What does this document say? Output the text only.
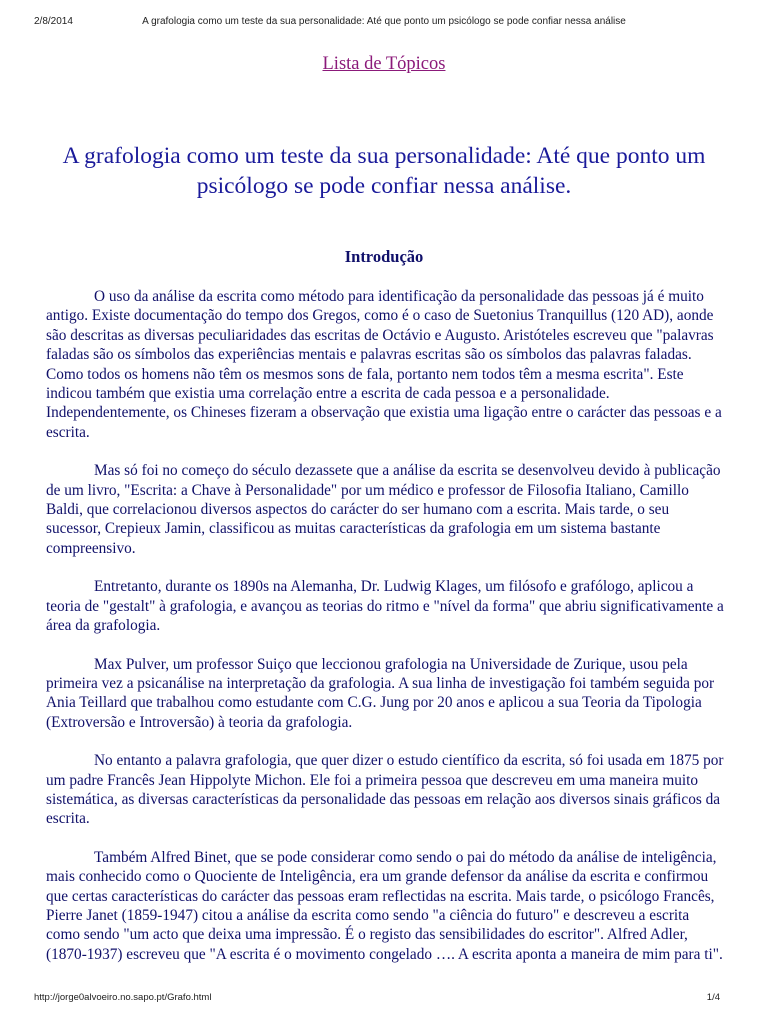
2/8/2014	A grafologia como um teste da sua personalidade: Até que ponto um psicólogo se pode confiar nessa análise
Lista de Tópicos
A grafologia como um teste da sua personalidade: Até que ponto um psicólogo se pode confiar nessa análise.
Introdução

O uso da análise da escrita como método para identificação da personalidade das pessoas já é muito antigo. Existe documentação do tempo dos Gregos, como é o caso de Suetonius Tranquillus (120 AD), aonde são descritas as diversas peculiaridades das escritas de Octávio e Augusto. Aristóteles escreveu que "palavras faladas são os símbolos das experiências mentais e palavras escritas são os símbolos das palavras faladas. Como todos os homens não têm os mesmos sons de fala, portanto nem todos têm a mesma escrita". Este indicou também que existia uma correlação entre a escrita de cada pessoa e a personalidade. Independentemente, os Chineses fizeram a observação que existia uma ligação entre o carácter das pessoas e a escrita.

Mas só foi no começo do século dezassete que a análise da escrita se desenvolveu devido à publicação de um livro, "Escrita: a Chave à Personalidade" por um médico e professor de Filosofia Italiano, Camillo Baldi, que correlacionou diversos aspectos do carácter do ser humano com a escrita. Mais tarde, o seu sucessor, Crepieux Jamin, classificou as muitas características da grafologia em um sistema bastante compreensivo.

Entretanto, durante os 1890s na Alemanha, Dr. Ludwig Klages, um filósofo e grafólogo, aplicou a teoria de "gestalt" à grafologia, e avançou as teorias do ritmo e "nível da forma" que abriu significativamente a área da grafologia.

Max Pulver, um professor Suiço que leccionou grafologia na Universidade de Zurique, usou pela primeira vez a psicanálise na interpretação da grafologia. A sua linha de investigação foi também seguida por Ania Teillard que trabalhou como estudante com C.G. Jung por 20 anos e aplicou a sua Teoria da Tipologia (Extroversão e Introversão) à teoria da grafologia.

No entanto a palavra grafologia, que quer dizer o estudo científico da escrita, só foi usada em 1875 por um padre Francês Jean Hippolyte Michon. Ele foi a primeira pessoa que descreveu em uma maneira muito sistemática, as diversas características da personalidade das pessoas em relação aos diversos sinais gráficos da escrita.

Também Alfred Binet, que se pode considerar como sendo o pai do método da análise de inteligência, mais conhecido como o Quociente de Inteligência, era um grande defensor da análise da escrita e confirmou que certas características do carácter das pessoas eram reflectidas na escrita. Mais tarde, o psicólogo Francês, Pierre Janet (1859-1947) citou a análise da escrita como sendo "a ciência do futuro" e descreveu a escrita como sendo "um acto que deixa uma impressão. É o registo das sensibilidades do escritor". Alfred Adler, (1870-1937) escreveu que "A escrita é o movimento congelado …. A escrita aponta a maneira de mim para ti".

http://jorge0alvoeiro.no.sapo.pt/Grafo.html	1/4
